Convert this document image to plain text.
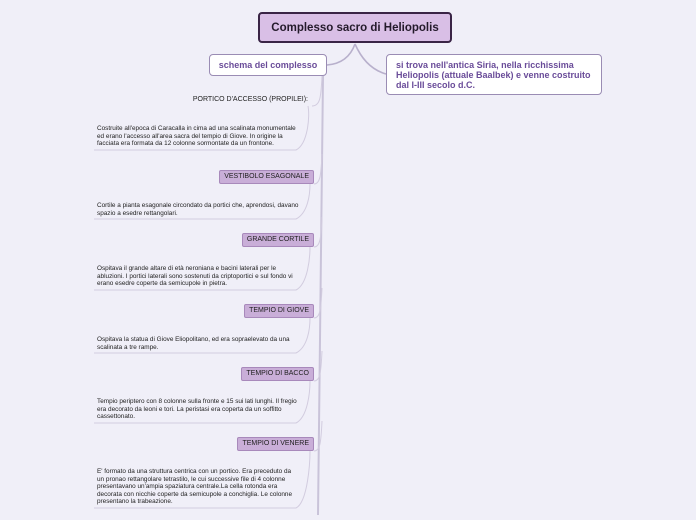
Complesso sacro di Heliopolis
schema del complesso	si trova nell'antica Siria, nella ricchissima Heliopolis (attuale Baalbek) e venne costruito dal I-III secolo d.C.
PORTICO D'ACCESSO (PROPILEI):
Costruite all'epoca di Caracalla in cima ad una scalinata monumentale ed erano l'accesso all'area sacra del tempio di Giove. In origine la facciata era formata da 12 colonne sormontate da un frontone.
VESTIBOLO ESAGONALE
Cortile a pianta esagonale circondato da portici che, aprendosi, davano spazio a esedre rettangolari.
GRANDE CORTILE
Ospitava il grande altare di età neroniana e bacini laterali per le abluzioni. I portici laterali sono sostenuti da criptoportici e sul fondo vi erano esedre coperte da semicupole in pietra.
TEMPIO DI GIOVE
Ospitava la statua di Giove Eliopolitano, ed era sopraelevato da una scalinata a tre rampe.
TEMPIO DI BACCO
Tempio periptero con 8 colonne sulla fronte e 15 sui lati lunghi. Il fregio era decorato da leoni e tori. La peristasi era coperta da un soffitto cassettonato.
TEMPIO DI VENERE
E' formato da una struttura centrica con un portico. Era preceduto da un pronao rettangolare tetrastilo, le cui successive file di 4 colonne presentavano un'ampia spaziatura centrale.La cella rotonda era decorata con nicchie coperte da semicupole a conchiglia. Le colonne presentano la trabeazione.
